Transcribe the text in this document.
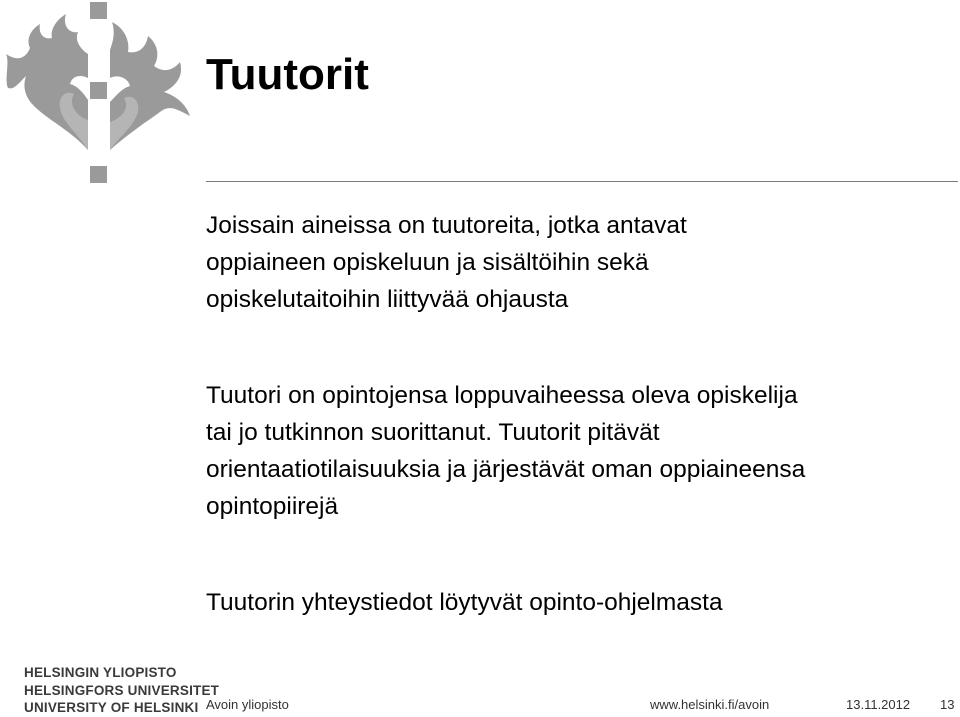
Tuutorit

Joissain aineissa on tuutoreita, jotka antavat
oppiaineen opiskeluun ja sisältöihin sekä
opiskelutaitoihin liittyvää ohjausta

Tuutori on opintojensa loppuvaiheessa oleva opiskelija
tai jo tutkinnon suorittanut. Tuutorit pitävät
orientaatiotilaisuuksia ja järjestävät oman oppiaineensa
opintopiirejä

Tuutorin yhteystiedot löytyvät opinto-ohjelmasta

HELSINGIN YLIOPISTO
HELSINGFORS UNIVERSITET
UNIVERSITY OF HELSINKI Avoin yliopisto	www.helsinki.fi/avoin	13.11.2012 13
